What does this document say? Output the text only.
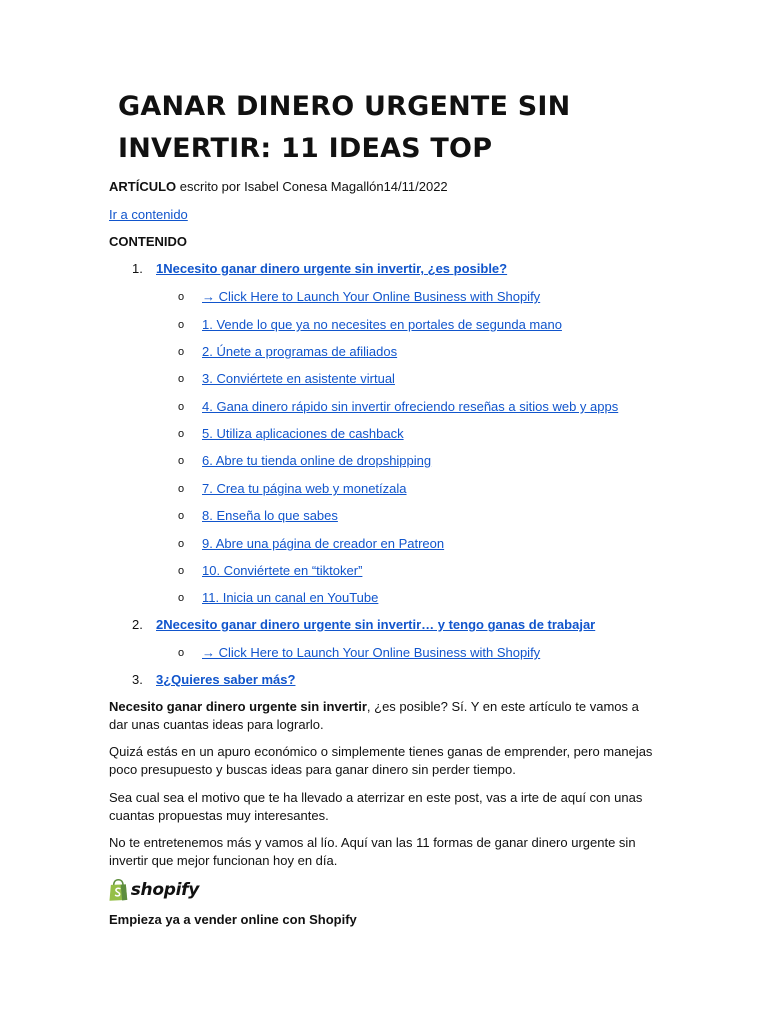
GANAR DINERO URGENTE SIN INVERTIR: 11 IDEAS TOP
ARTÍCULO escrito por Isabel Conesa Magallón14/11/2022
Ir a contenido
CONTENIDO
1. 1Necesito ganar dinero urgente sin invertir, ¿es posible?
o → Click Here to Launch Your Online Business with Shopify
o 1. Vende lo que ya no necesites en portales de segunda mano
o 2. Únete a programas de afiliados
o 3. Conviértete en asistente virtual
o 4. Gana dinero rápido sin invertir ofreciendo reseñas a sitios web y apps
o 5. Utiliza aplicaciones de cashback
o 6. Abre tu tienda online de dropshipping
o 7. Crea tu página web y monetízala
o 8. Enseña lo que sabes
o 9. Abre una página de creador en Patreon
o 10. Conviértete en “tiktoker”
o 11. Inicia un canal en YouTube
2. 2Necesito ganar dinero urgente sin invertir… y tengo ganas de trabajar
o → Click Here to Launch Your Online Business with Shopify
3. 3¿Quieres saber más?

Necesito ganar dinero urgente sin invertir, ¿es posible? Sí. Y en este artículo te vamos a dar unas cuantas ideas para lograrlo.

Quizá estás en un apuro económico o simplemente tienes ganas de emprender, pero manejas poco presupuesto y buscas ideas para ganar dinero sin perder tiempo.

Sea cual sea el motivo que te ha llevado a aterrizar en este post, vas a irte de aquí con unas cuantas propuestas muy interesantes.

No te entretenemos más y vamos al lío. Aquí van las 11 formas de ganar dinero urgente sin invertir que mejor funcionan hoy en día.

shopify
Empieza ya a vender online con Shopify
